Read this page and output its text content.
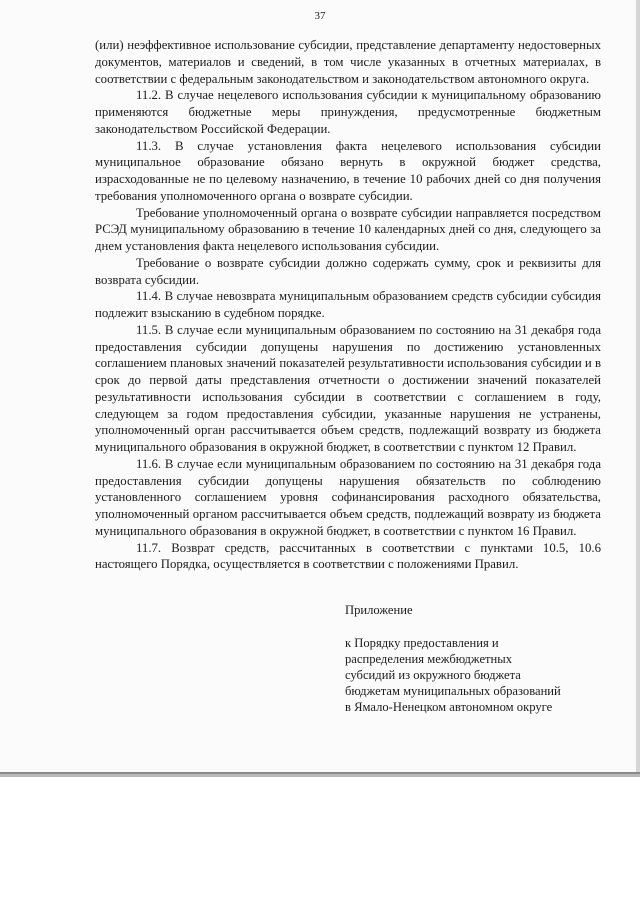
37

(или) неэффективное использование субсидии, представление департаменту недостоверных документов, материалов и сведений, в том числе указанных в отчетных материалах, в соответствии с федеральным законодательством и законодательством автономного округа.

11.2. В случае нецелевого использования субсидии к муниципальному образованию применяются бюджетные меры принуждения, предусмотренные бюджетным законодательством Российской Федерации.

11.3. В случае установления факта нецелевого использования субсидии муниципальное образование обязано вернуть в окружной бюджет средства, израсходованные не по целевому назначению, в течение 10 рабочих дней со дня получения требования уполномоченного органа о возврате субсидии.

Требование уполномоченный органа о возврате субсидии направляется посредством РСЭД муниципальному образованию в течение 10 календарных дней со дня, следующего за днем установления факта нецелевого использования субсидии.

Требование о возврате субсидии должно содержать сумму, срок и реквизиты для возврата субсидии.

11.4. В случае невозврата муниципальным образованием средств субсидии субсидия подлежит взысканию в судебном порядке.

11.5. В случае если муниципальным образованием по состоянию на 31 декабря года предоставления субсидии допущены нарушения по достижению установленных соглашением плановых значений показателей результативности использования субсидии и в срок до первой даты представления отчетности о достижении значений показателей результативности использования субсидии в соответствии с соглашением в году, следующем за годом предоставления субсидии, указанные нарушения не устранены, уполномоченный орган рассчитывается объем средств, подлежащий возврату из бюджета муниципального образования в окружной бюджет, в соответствии с пунктом 12 Правил.

11.6. В случае если муниципальным образованием по состоянию на 31 декабря года предоставления субсидии допущены нарушения обязательств по соблюдению установленного соглашением уровня софинансирования расходного обязательства, уполномоченный органом рассчитывается объем средств, подлежащий возврату из бюджета муниципального образования в окружной бюджет, в соответствии с пунктом 16 Правил.

11.7. Возврат средств, рассчитанных в соответствии с пунктами 10.5, 10.6 настоящего Порядка, осуществляется в соответствии с положениями Правил.

Приложение

к Порядку предоставления и

распределения межбюджетных

субсидий из окружного бюджета

бюджетам муниципальных образований

в Ямало-Ненецком автономном округе
